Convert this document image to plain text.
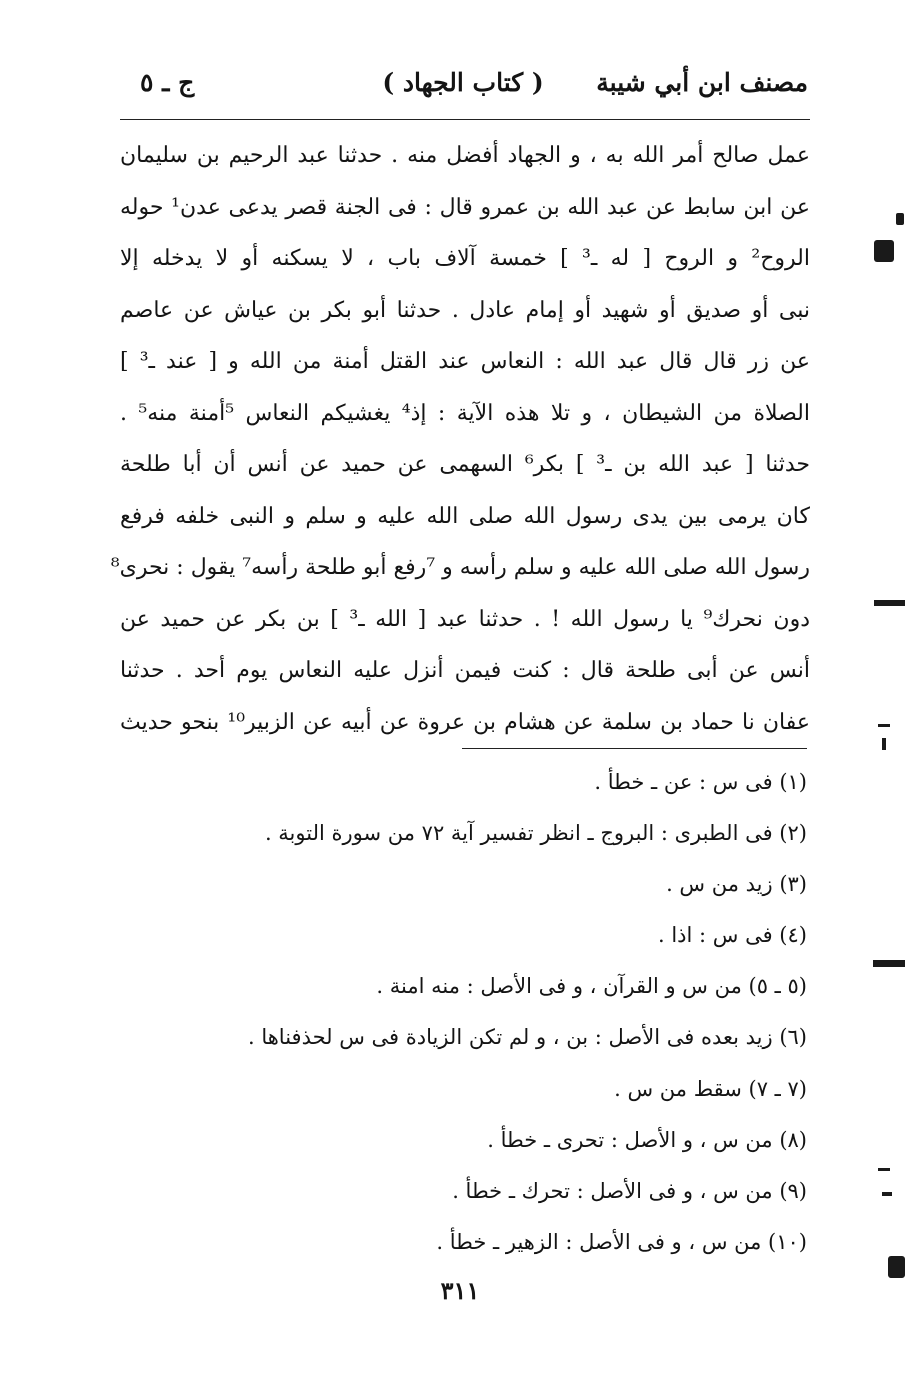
مصنف ابن أبي شيبة
( كتاب الجهاد )
ج ـ ٥
عمل صالح أمر الله به ، و الجهاد أفضل منه . حدثنا عبد الرحيم بن سليمان
عن ابن سابط عن عبد الله بن عمرو قال : فى الجنة قصر يدعى عدن¹ حوله
الروح² و الروح [ له ـ³ ] خمسة آلاف باب ، لا يسكنه أو لا يدخله إلا
نبى أو صديق أو شهيد أو إمام عادل . حدثنا أبو بكر بن عياش عن عاصم
عن زر قال قال عبد الله : النعاس عند القتل أمنة من الله و [ عند ـ³ ]
الصلاة من الشيطان ، و تلا هذه الآية : إذ⁴ يغشيكم النعاس ⁵أمنة منه⁵ .
حدثنا [ عبد الله بن ـ³ ] بكر⁶ السهمى عن حميد عن أنس أن أبا طلحة
كان يرمى بين يدى رسول الله صلى الله عليه و سلم و النبى خلفه فرفع
رسول الله صلى الله عليه و سلم رأسه و ⁷رفع أبو طلحة رأسه⁷ يقول : نحرى⁸
دون نحرك⁹ يا رسول الله ! . حدثنا عبد [ الله ـ³ ] بن بكر عن حميد عن
أنس عن أبى طلحة قال : كنت فيمن أنزل عليه النعاس يوم أحد . حدثنا
عفان نا حماد بن سلمة عن هشام بن عروة عن أبيه عن الزبير¹⁰ بنحو حديث
(١) فى س : عن ـ خطأ .
(٢) فى الطبرى : البروج ـ انظر تفسير آية ٧٢ من سورة التوبة .
(٣) زيد من س .
(٤) فى س : اذا .
(٥ ـ ٥) من س و القرآن ، و فى الأصل : منه امنة .
(٦) زيد بعده فى الأصل : بن ، و لم تكن الزيادة فى س لحذفناها .
(٧ ـ ٧) سقط من س .
(٨) من س ، و الأصل : تحرى ـ خطأ .
(٩) من س ، و فى الأصل : تحرك ـ خطأ .
(١٠) من س ، و فى الأصل : الزهير ـ خطأ .
٣١١
